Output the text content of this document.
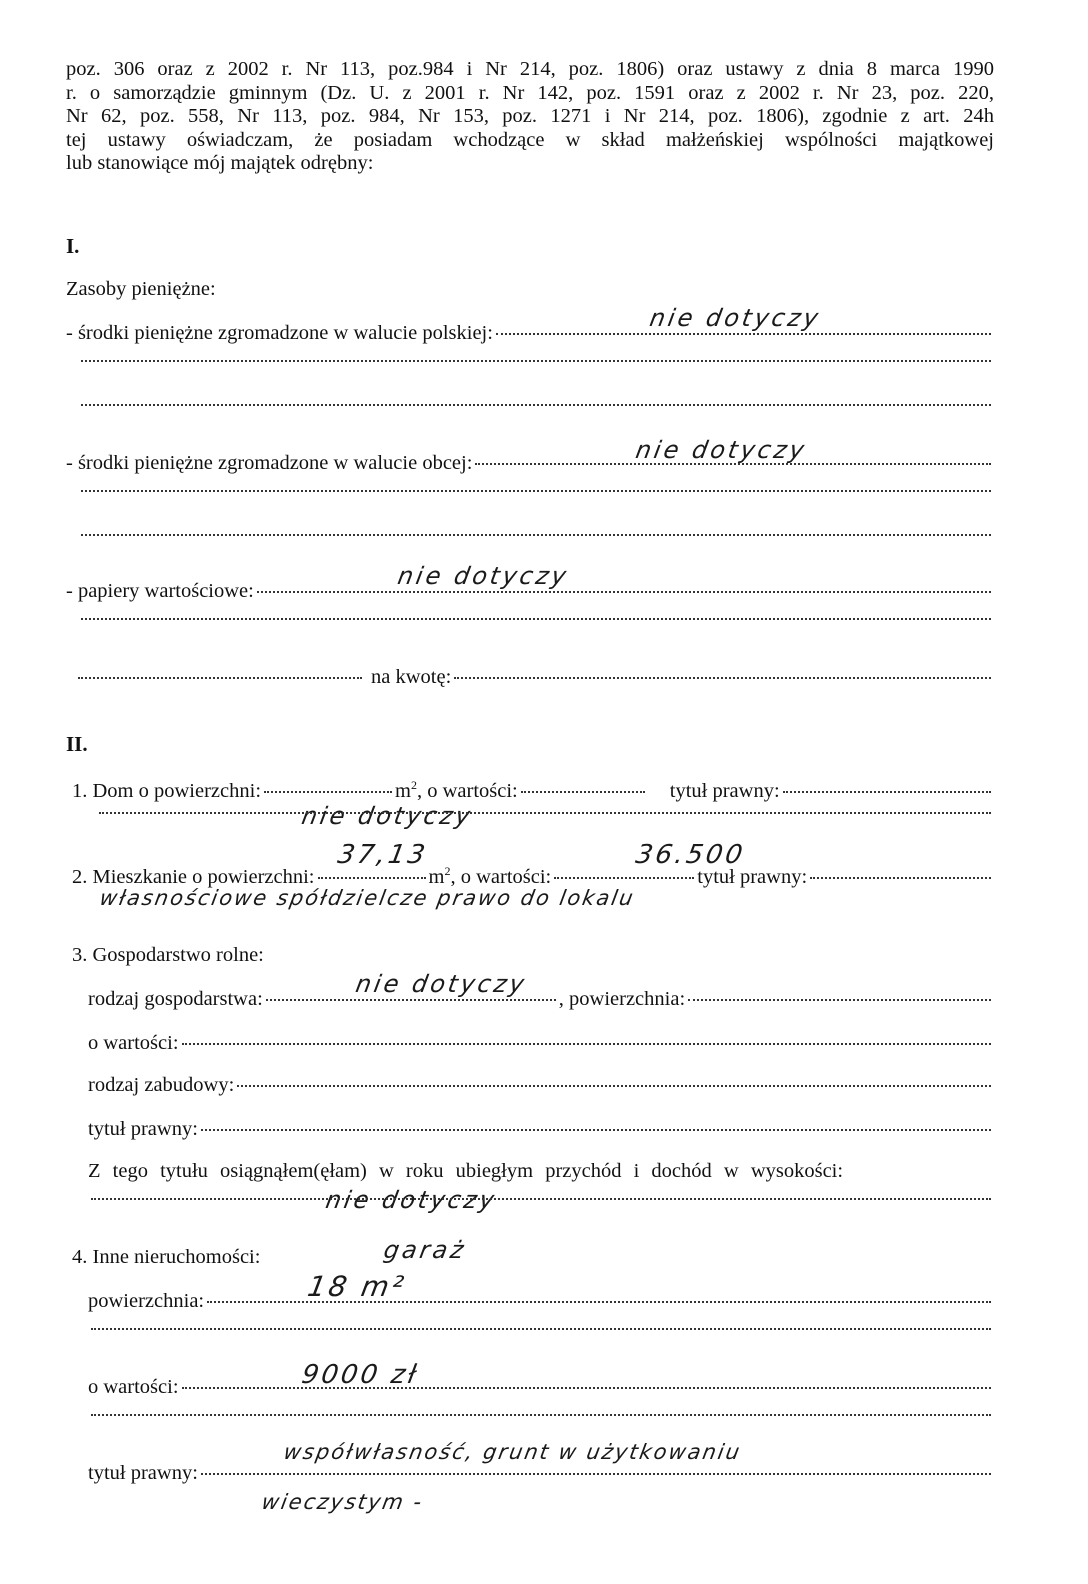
poz. 306 oraz z 2002 r. Nr 113, poz.984 i Nr 214, poz. 1806) oraz ustawy z dnia 8 marca 1990
r. o samorządzie gminnym (Dz. U. z 2001 r. Nr 142, poz. 1591 oraz z 2002 r. Nr 23, poz. 220,
Nr 62, poz. 558, Nr 113, poz. 984, Nr 153, poz. 1271 i Nr 214, poz. 1806), zgodnie z art. 24h
tej ustawy oświadczam, że posiadam wchodzące w skład małżeńskiej wspólności majątkowej
lub stanowiące mój majątek odrębny:
I.
Zasoby pieniężne:
- środki pieniężne zgromadzone w walucie polskiej:
nie dotyczy
- środki pieniężne zgromadzone w walucie obcej:	nie dotyczy
- papiery wartościowe:
nie dotyczy
na kwotę:
II.
1. Dom o powierzchni:	$m^2$ , o wartości:	tytuł prawny:
nie dotyczy
2. Mieszkanie o powierzchni:	$m^2$ , o wartości:	tytuł prawny:
37,13	36.500
własnościowe spółdzielcze prawo do lokalu
3. Gospodarstwo rolne:
rodzaj gospodarstwa:	, powierzchnia:
nie dotyczy
o wartości:
rodzaj zabudowy:
tytuł prawny:
Z tego tytułu osiągnąłem(ęłam) w roku ubiegłym przychód i dochód w wysokości:
nie dotyczy
4. Inne nieruchomości:	garaż
powierzchnia:	18 m²
o wartości:	9000 zł
tytuł prawny:
współwłasność, grunt w użytkowaniu
wieczystym -
